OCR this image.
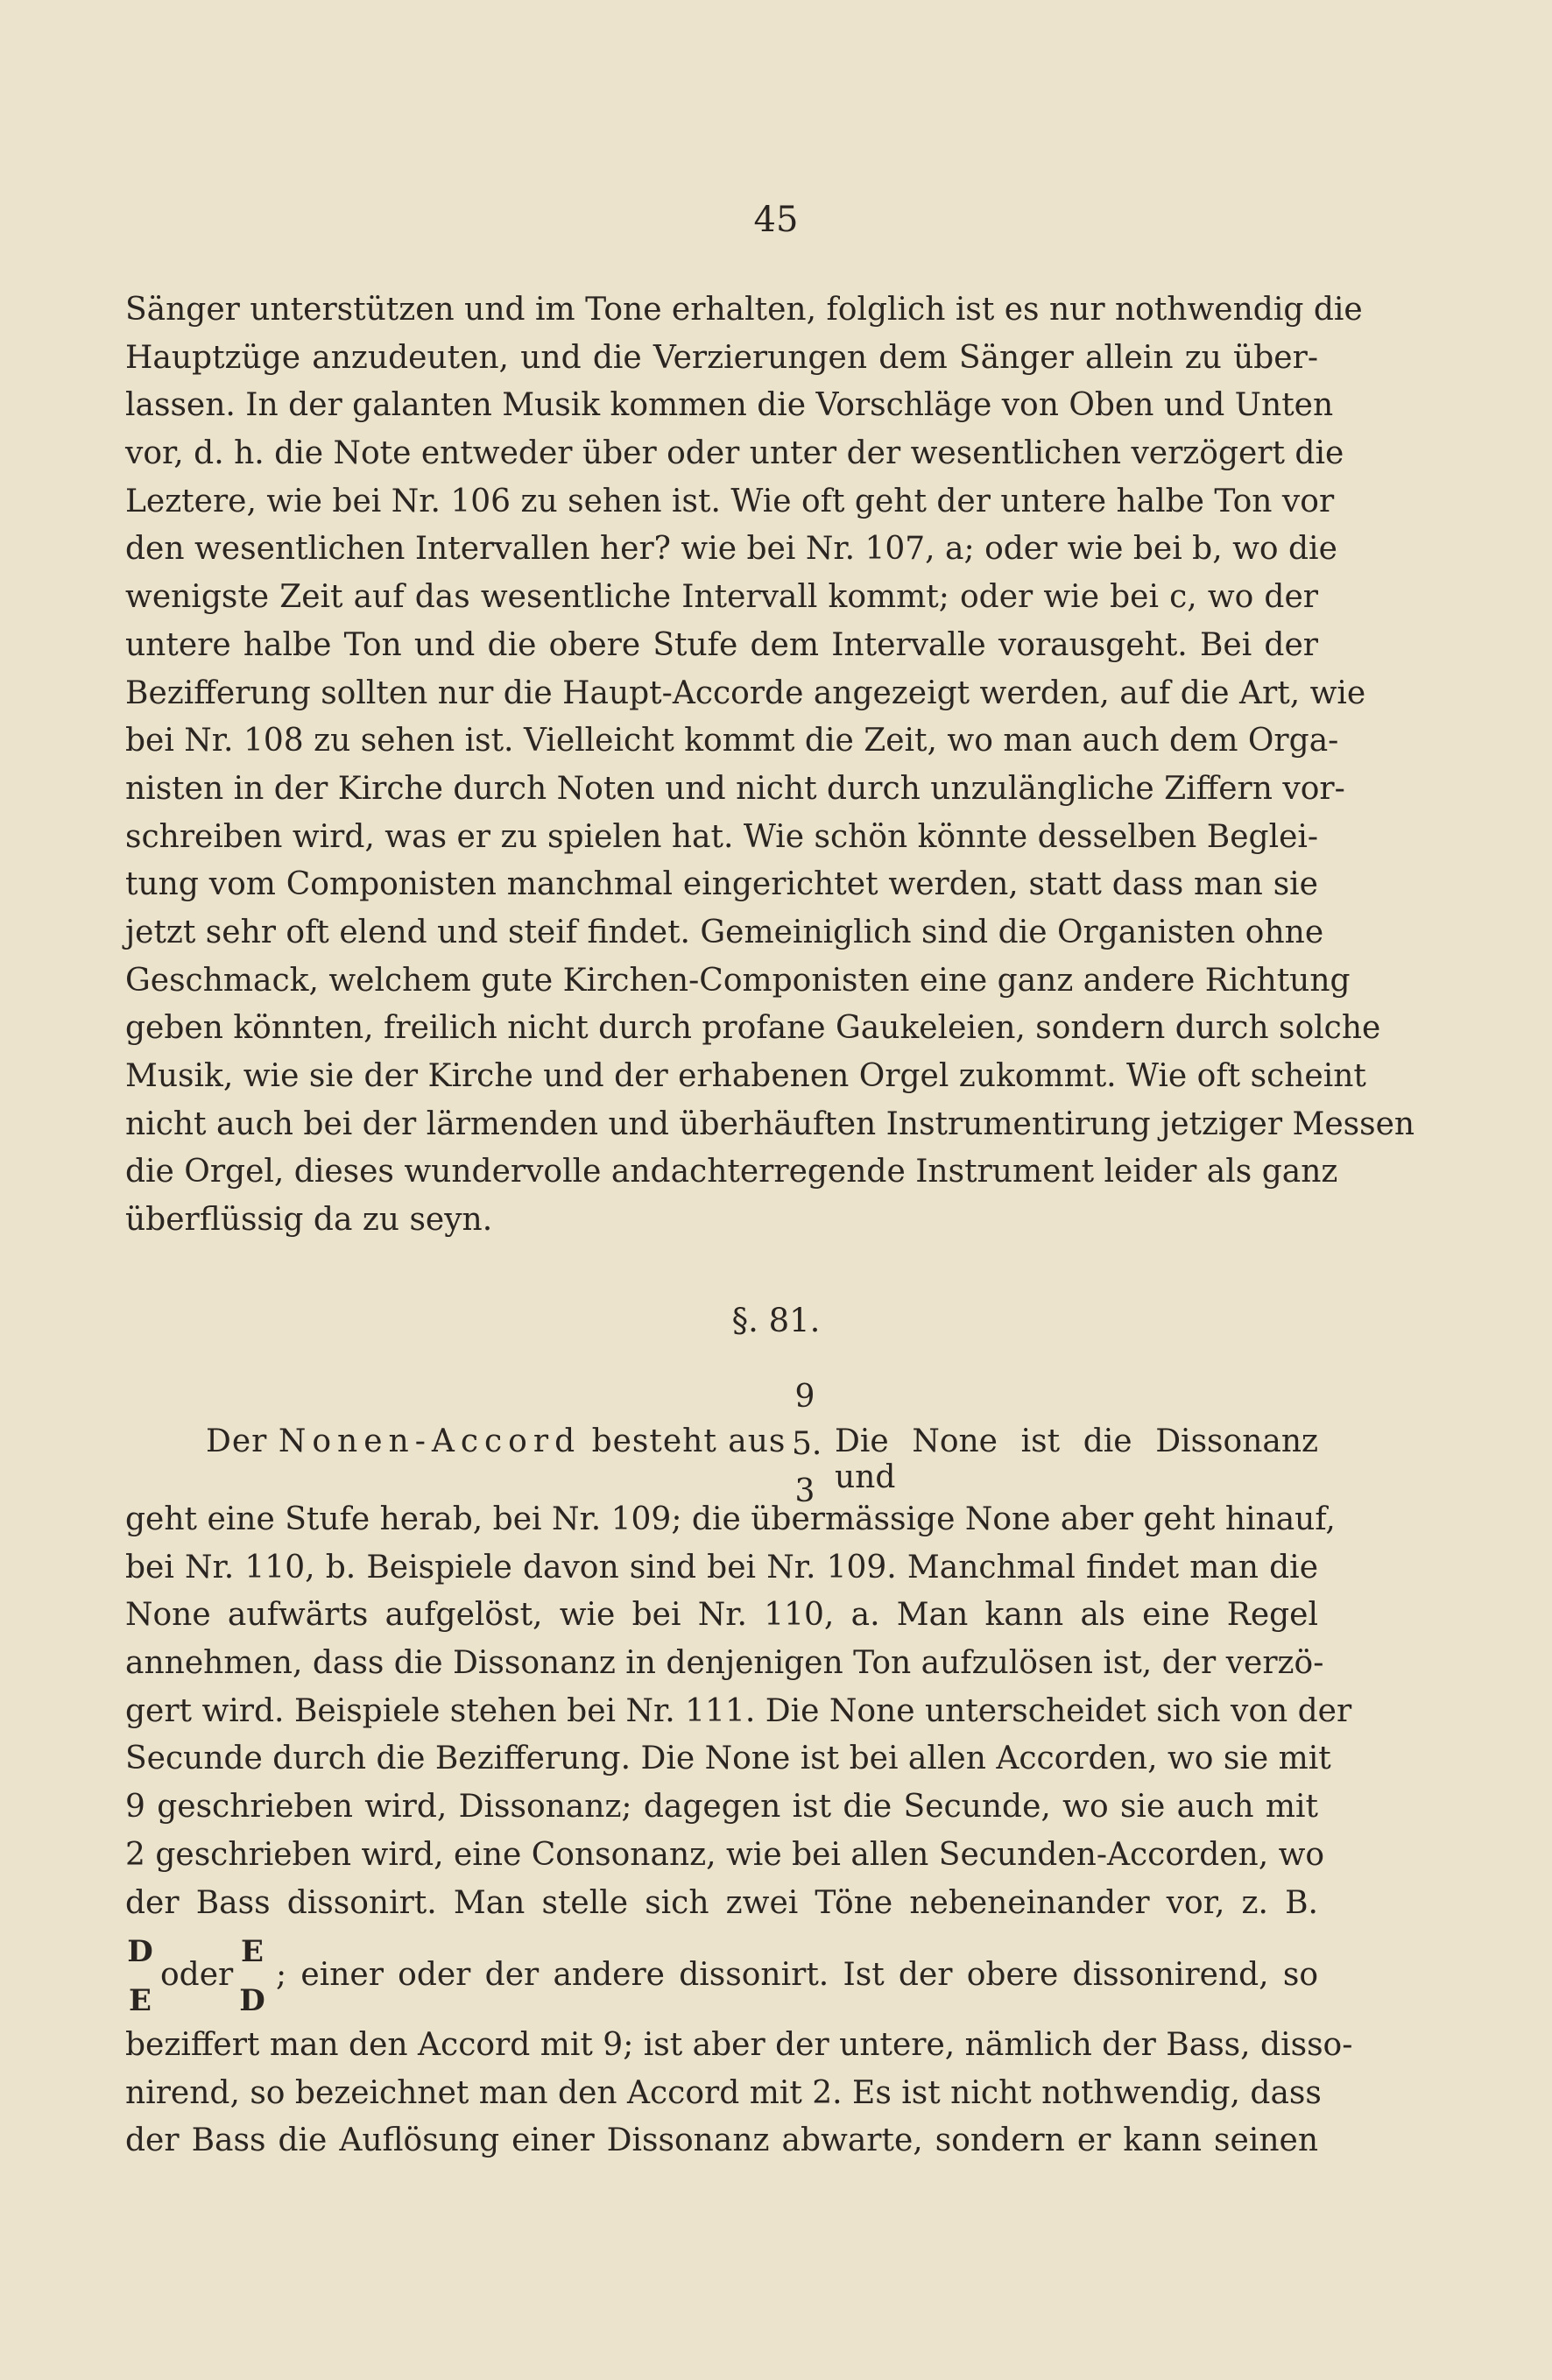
45
Sänger unterstützen und im Tone erhalten, folglich ist es nur nothwendig die
Hauptzüge anzudeuten, und die Verzierungen dem Sänger allein zu über-
lassen. In der galanten Musik kommen die Vorschläge von Oben und Unten
vor, d. h. die Note entweder über oder unter der wesentlichen verzögert die
Leztere, wie bei Nr. 106 zu sehen ist. Wie oft geht der untere halbe Ton vor
den wesentlichen Intervallen her? wie bei Nr. 107, a; oder wie bei b, wo die
wenigste Zeit auf das wesentliche Intervall kommt; oder wie bei c, wo der
untere halbe Ton und die obere Stufe dem Intervalle vorausgeht. Bei der
Bezifferung sollten nur die Haupt-Accorde angezeigt werden, auf die Art, wie
bei Nr. 108 zu sehen ist. Vielleicht kommt die Zeit, wo man auch dem Orga-
nisten in der Kirche durch Noten und nicht durch unzulängliche Ziffern vor-
schreiben wird, was er zu spielen hat. Wie schön könnte desselben Beglei-
tung vom Componisten manchmal eingerichtet werden, statt dass man sie
jetzt sehr oft elend und steif findet. Gemeiniglich sind die Organisten ohne
Geschmack, welchem gute Kirchen-Componisten eine ganz andere Richtung
geben könnten, freilich nicht durch profane Gaukeleien, sondern durch solche
Musik, wie sie der Kirche und der erhabenen Orgel zukommt. Wie oft scheint
nicht auch bei der lärmenden und überhäuften Instrumentirung jetziger Messen
die Orgel, dieses wundervolle andachterregende Instrument leider als ganz
überflüssig da zu seyn.
§. 81.
Der Nonen-Accord besteht aus
9
5.
3
Die None ist die Dissonanz und
geht eine Stufe herab, bei Nr. 109; die übermässige None aber geht hinauf,
bei Nr. 110, b. Beispiele davon sind bei Nr. 109. Manchmal findet man die
None aufwärts aufgelöst, wie bei Nr. 110, a. Man kann als eine Regel
annehmen, dass die Dissonanz in denjenigen Ton aufzulösen ist, der verzö-
gert wird. Beispiele stehen bei Nr. 111. Die None unterscheidet sich von der
Secunde durch die Bezifferung. Die None ist bei allen Accorden, wo sie mit
9 geschrieben wird, Dissonanz; dagegen ist die Secunde, wo sie auch mit
2 geschrieben wird, eine Consonanz, wie bei allen Secunden-Accorden, wo
der Bass dissonirt. Man stelle sich zwei Töne nebeneinander vor, z. B.
D
E
oder
E
D
; einer oder der andere dissonirt. Ist der obere dissonirend, so
beziffert man den Accord mit 9; ist aber der untere, nämlich der Bass, disso-
nirend, so bezeichnet man den Accord mit 2. Es ist nicht nothwendig, dass
der Bass die Auflösung einer Dissonanz abwarte, sondern er kann seinen
